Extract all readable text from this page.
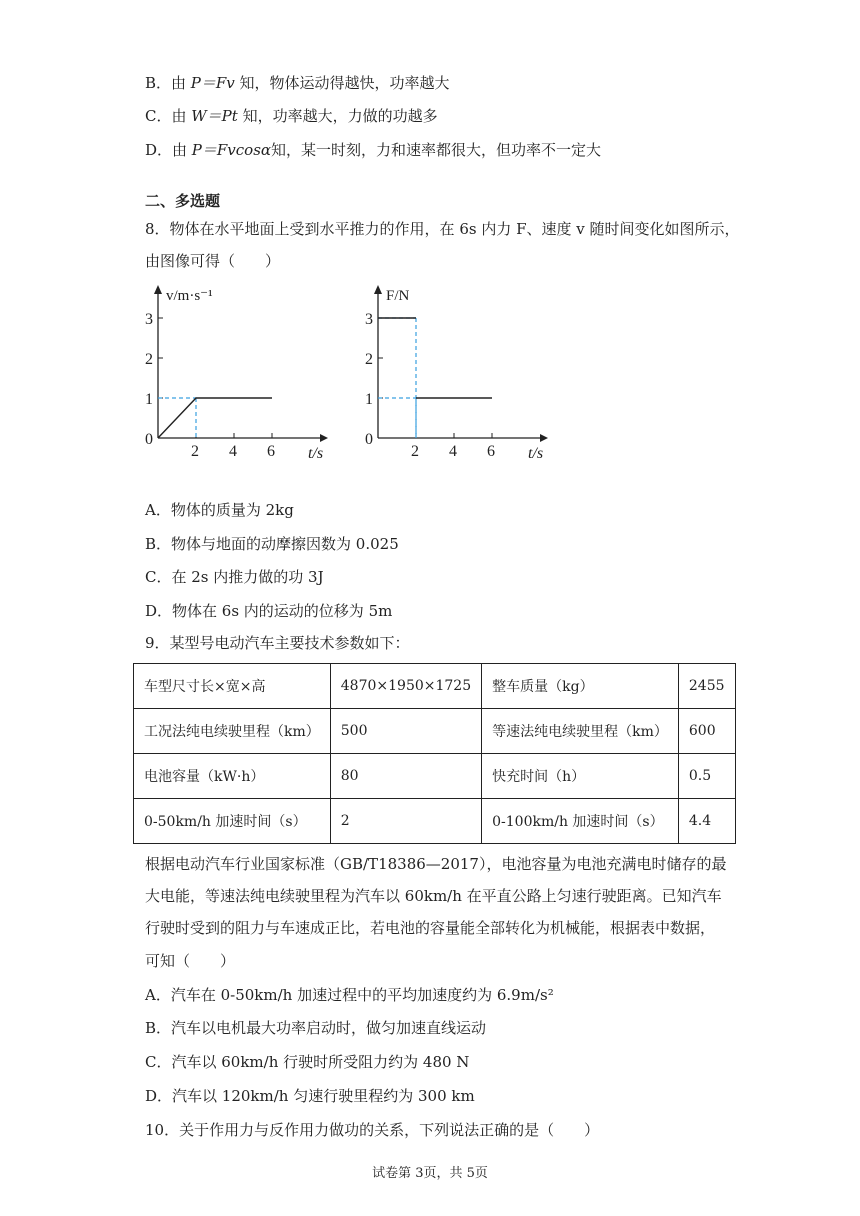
B．由 P＝Fv 知，物体运动得越快，功率越大
C．由 W＝Pt 知，功率越大，力做的功越多
D．由 P＝Fvcosα知，某一时刻，力和速率都很大，但功率不一定大
二、多选题
8．物体在水平地面上受到水平推力的作用，在 6s 内力 F、速度 v 随时间变化如图所示，
由图像可得（　　）
2 4 6
1
2
3
0
t/s
v/m·s⁻¹
2 4 6
1
2
3
0
t/s
F/N
A．物体的质量为 2kg
B．物体与地面的动摩擦因数为 0.025
C．在 2s 内推力做的功 3J
D．物体在 6s 内的运动的位移为 5m
9．某型号电动汽车主要技术参数如下：
车型尺寸长×宽×高	4870×1950×1725	整车质量（kg）	2455
工况法纯电续驶里程（km）	500	等速法纯电续驶里程（km）	600
电池容量（kW·h）	80	快充时间（h）	0.5
0-50km/h 加速时间（s）	2	0-100km/h 加速时间（s）	4.4
根据电动汽车行业国家标准（GB/T18386—2017），电池容量为电池充满电时储存的最
大电能，等速法纯电续驶里程为汽车以 60km/h 在平直公路上匀速行驶距离。已知汽车
行驶时受到的阻力与车速成正比，若电池的容量能全部转化为机械能，根据表中数据，
可知（　　）
A．汽车在 0-50km/h 加速过程中的平均加速度约为 6.9m/s²
B．汽车以电机最大功率启动时，做匀加速直线运动
C．汽车以 60km/h 行驶时所受阻力约为 480 N
D．汽车以 120km/h 匀速行驶里程约为 300 km
10．关于作用力与反作用力做功的关系，下列说法正确的是（　　）
试卷第 3页，共 5页
